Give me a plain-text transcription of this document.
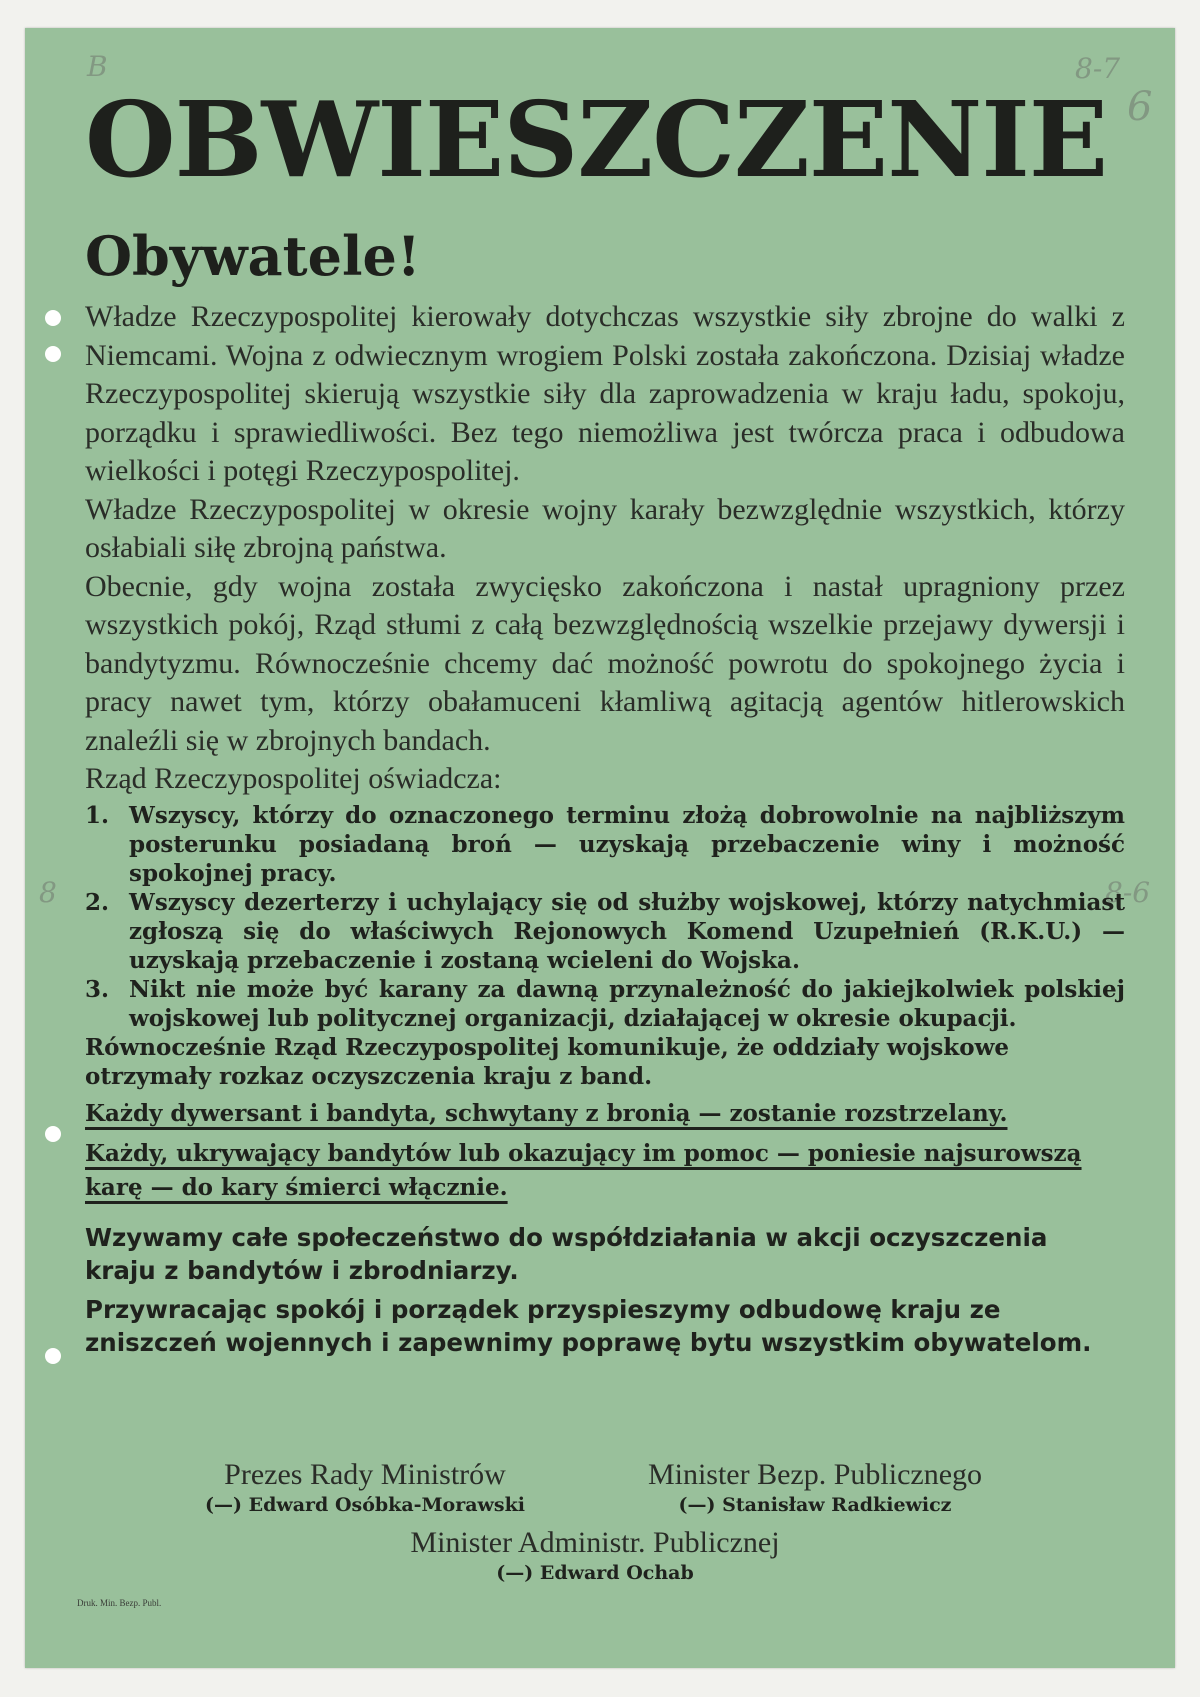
B	8-7
6
8	8-6
OBWIESZCZENIE
Obywatele!

Władze Rzeczypospolitej kierowały dotychczas wszystkie siły zbrojne do walki z Niemcami. Wojna z odwiecznym wrogiem Polski została zakończona. Dzisiaj władze Rzeczypospolitej skierują wszystkie siły dla zaprowadzenia w kraju ładu, spokoju, porządku i sprawiedliwości. Bez tego niemożliwa jest twórcza praca i odbudowa wielkości i potęgi Rzeczypospolitej.

Władze Rzeczypospolitej w okresie wojny karały bezwzględnie wszystkich, którzy osłabiali siłę zbrojną państwa.

Obecnie, gdy wojna została zwycięsko zakończona i nastał upragniony przez wszystkich pokój, Rząd stłumi z całą bezwzględnością wszelkie przejawy dywersji i bandytyzmu. Równocześnie chcemy dać możność powrotu do spokojnego życia i pracy nawet tym, którzy obałamuceni kłamliwą agitacją agentów hitlerowskich znaleźli się w zbrojnych bandach.

Rząd Rzeczypospolitej oświadcza:

1. Wszyscy, którzy do oznaczonego terminu złożą dobrowolnie na najbliższym posterunku posiadaną broń — uzyskają przebaczenie winy i możność spokojnej pracy.
2. Wszyscy dezerterzy i uchylający się od służby wojskowej, którzy natychmiast zgłoszą się do właściwych Rejonowych Komend Uzupełnień (R.K.U.) — uzyskają przebaczenie i zostaną wcieleni do Wojska.
3. Nikt nie może być karany za dawną przynależność do jakiejkolwiek polskiej wojskowej lub politycznej organizacji, działającej w okresie okupacji.

Równocześnie Rząd Rzeczypospolitej komunikuje, że oddziały wojskowe otrzymały rozkaz oczyszczenia kraju z band.

Każdy dywersant i bandyta, schwytany z bronią — zostanie rozstrzelany.

Każdy, ukrywający bandytów lub okazujący im pomoc — poniesie najsurowszą karę — do kary śmierci włącznie.

Wzywamy całe społeczeństwo do współdziałania w akcji oczyszczenia kraju z bandytów i zbrodniarzy.

Przywracając spokój i porządek przyspieszymy odbudowę kraju ze zniszczeń wojennych i zapewnimy poprawę bytu wszystkim obywatelom.

Prezes Rady Ministrów
(—) Edward Osóbka-Morawski
Minister Bezp. Publicznego
(—) Stanisław Radkiewicz
Minister Administr. Publicznej
(—) Edward Ochab
Druk. Min. Bezp. Publ.
